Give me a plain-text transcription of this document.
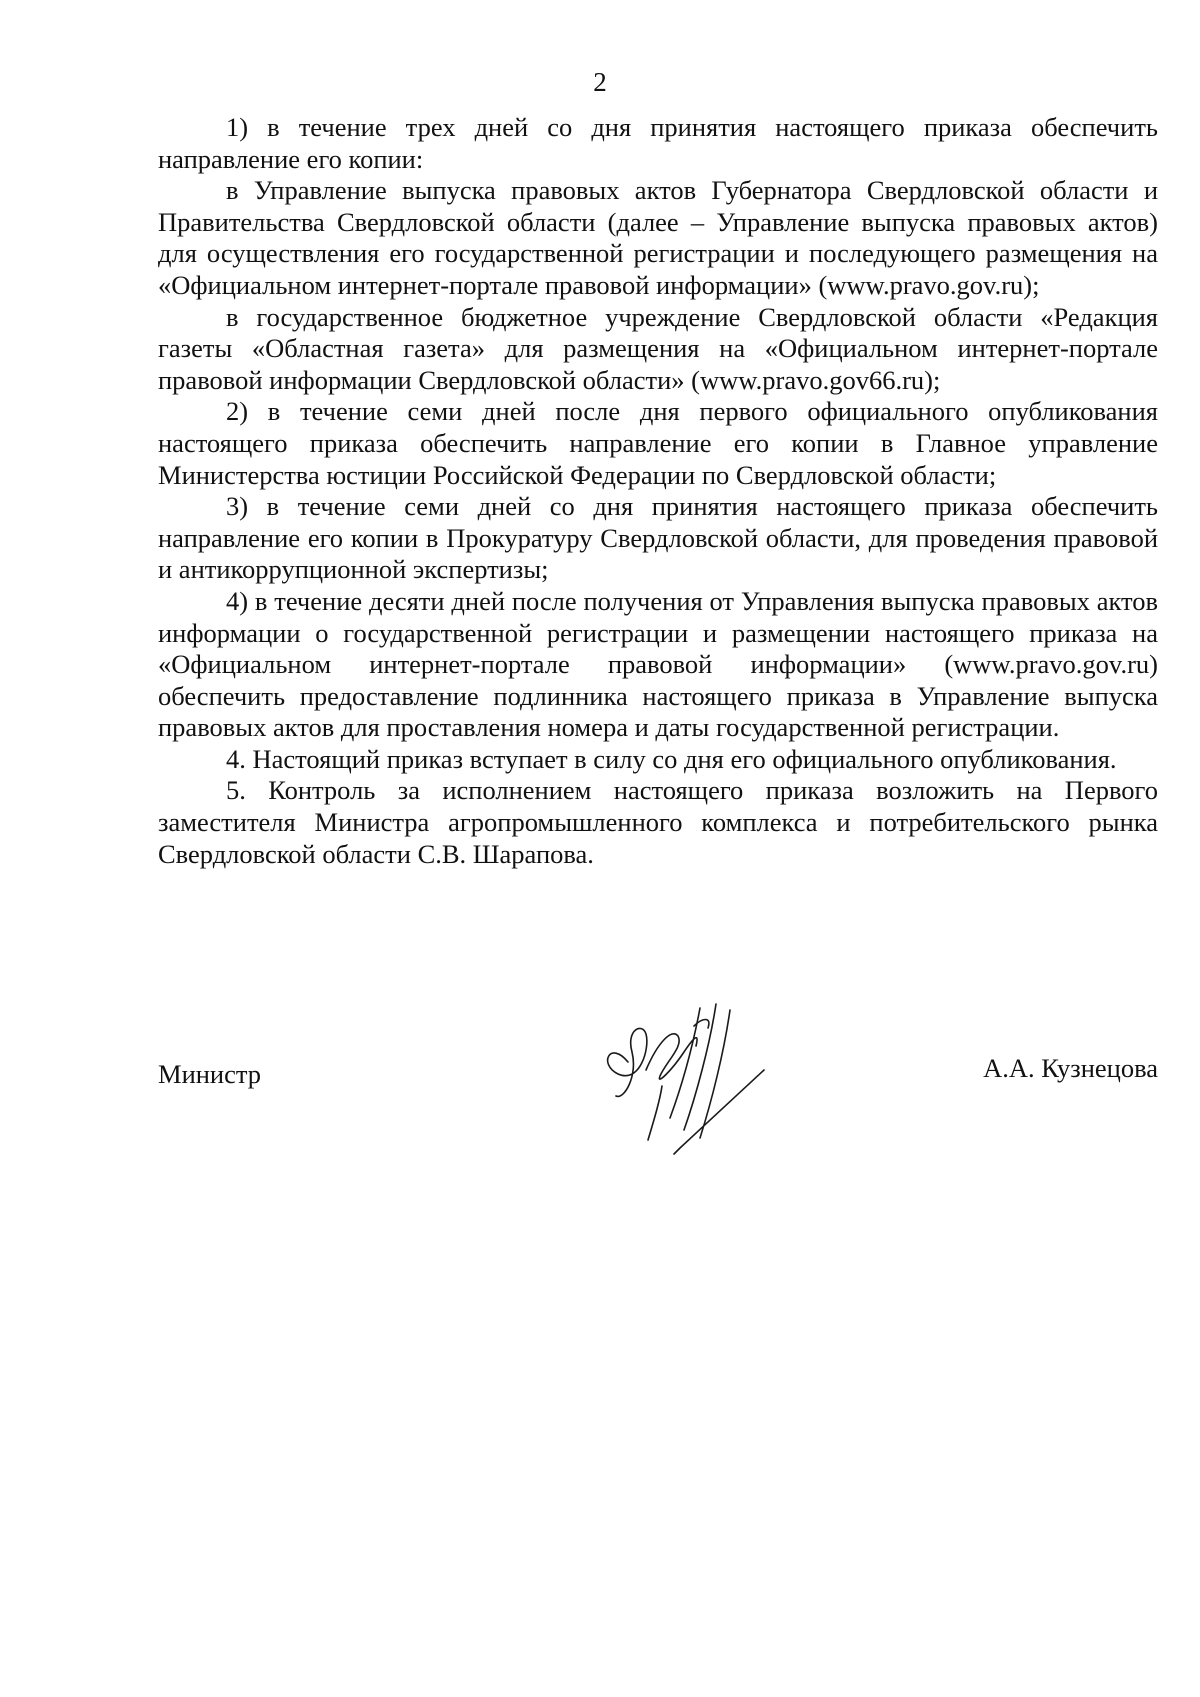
2

1) в течение трех дней со дня принятия настоящего приказа обеспечить направление его копии:

в Управление выпуска правовых актов Губернатора Свердловской области и Правительства Свердловской области (далее – Управление выпуска правовых актов) для осуществления его государственной регистрации и последующего размещения на «Официальном интернет-портале правовой информации» (www.pravo.gov.ru);

в государственное бюджетное учреждение Свердловской области «Редакция газеты «Областная газета» для размещения на «Официальном интернет-портале правовой информации Свердловской области» (www.pravo.gov66.ru);

2) в течение семи дней после дня первого официального опубликования настоящего приказа обеспечить направление его копии в Главное управление Министерства юстиции Российской Федерации по Свердловской области;

3) в течение семи дней со дня принятия настоящего приказа обеспечить направление его копии в Прокуратуру Свердловской области, для проведения правовой и антикоррупционной экспертизы;

4) в течение десяти дней после получения от Управления выпуска правовых актов информации о государственной регистрации и размещении настоящего приказа на «Официальном интернет-портале правовой информации» (www.pravo.gov.ru) обеспечить предоставление подлинника настоящего приказа в Управление выпуска правовых актов для проставления номера и даты государственной регистрации.

4. Настоящий приказ вступает в силу со дня его официального опубликования.

5. Контроль за исполнением настоящего приказа возложить на Первого заместителя Министра агропромышленного комплекса и потребительского рынка Свердловской области С.В. Шарапова.

Министр	А.А. Кузнецова
